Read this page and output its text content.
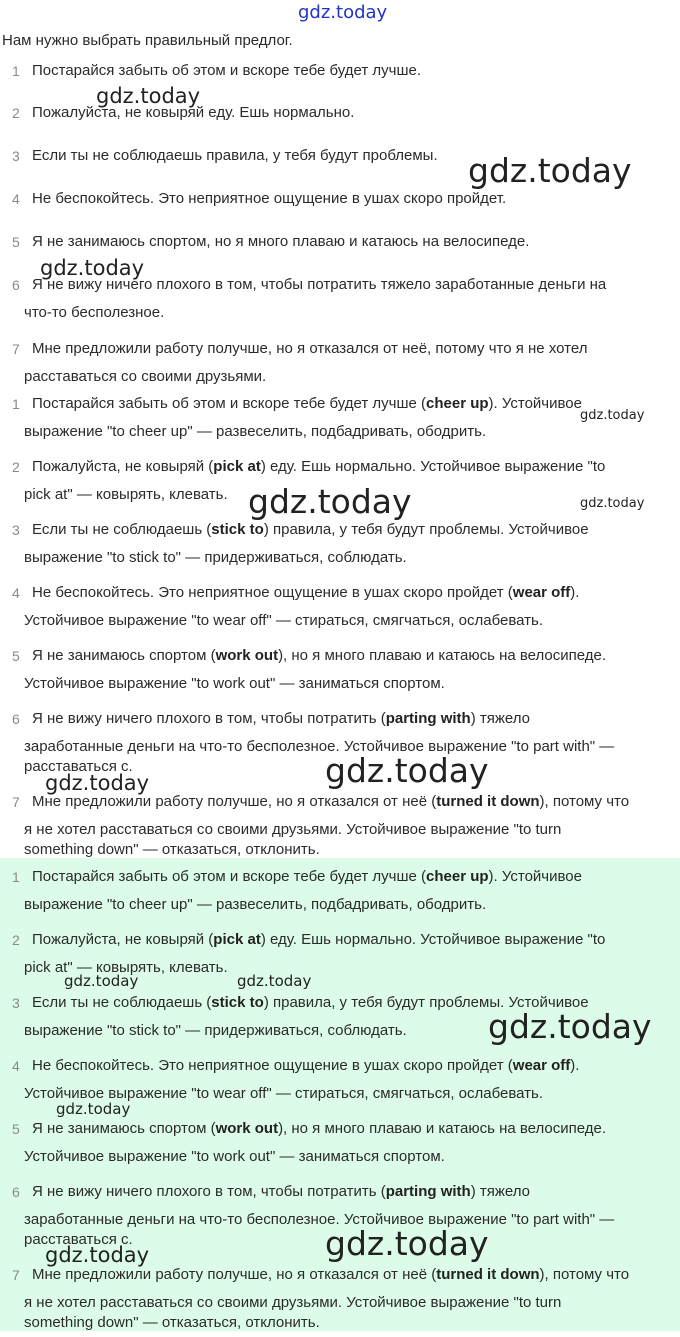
gdz.today
Нам нужно выбрать правильный предлог.
1 Постарайся забыть об этом и вскоре тебе будет лучше.
2 Пожалуйста, не ковыряй еду. Ешь нормально.
3 Если ты не соблюдаешь правила, у тебя будут проблемы.
4 Не беспокойтесь. Это неприятное ощущение в ушах скоро пройдет.
5 Я не занимаюсь спортом, но я много плаваю и катаюсь на велосипеде.
6 Я не вижу ничего плохого в том, чтобы потратить тяжело заработанные деньги на
что-то бесполезное.
7 Мне предложили работу получше, но я отказался от неё, потому что я не хотел
расставаться со своими друзьями.
1 Постарайся забыть об этом и вскоре тебе будет лучше (cheer up). Устойчивое
выражение "to cheer up" — развеселить, подбадривать, ободрить.
2 Пожалуйста, не ковыряй (pick at) еду. Ешь нормально. Устойчивое выражение "to
pick at" — ковырять, клевать.
3 Если ты не соблюдаешь (stick to) правила, у тебя будут проблемы. Устойчивое
выражение "to stick to" — придерживаться, соблюдать.
4 Не беспокойтесь. Это неприятное ощущение в ушах скоро пройдет (wear off).
Устойчивое выражение "to wear off" — стираться, смягчаться, ослабевать.
5 Я не занимаюсь спортом (work out), но я много плаваю и катаюсь на велосипеде.
Устойчивое выражение "to work out" — заниматься спортом.
6 Я не вижу ничего плохого в том, чтобы потратить (parting with) тяжело
заработанные деньги на что-то бесполезное. Устойчивое выражение "to part with" —
расставаться с.
7 Мне предложили работу получше, но я отказался от неё (turned it down), потому что
я не хотел расставаться со своими друзьями. Устойчивое выражение "to turn
something down" — отказаться, отклонить.
1 Постарайся забыть об этом и вскоре тебе будет лучше (cheer up). Устойчивое
выражение "to cheer up" — развеселить, подбадривать, ободрить.
2 Пожалуйста, не ковыряй (pick at) еду. Ешь нормально. Устойчивое выражение "to
pick at" — ковырять, клевать.
3 Если ты не соблюдаешь (stick to) правила, у тебя будут проблемы. Устойчивое
выражение "to stick to" — придерживаться, соблюдать.
4 Не беспокойтесь. Это неприятное ощущение в ушах скоро пройдет (wear off).
Устойчивое выражение "to wear off" — стираться, смягчаться, ослабевать.
5 Я не занимаюсь спортом (work out), но я много плаваю и катаюсь на велосипеде.
Устойчивое выражение "to work out" — заниматься спортом.
6 Я не вижу ничего плохого в том, чтобы потратить (parting with) тяжело
заработанные деньги на что-то бесполезное. Устойчивое выражение "to part with" —
расставаться с.
7 Мне предложили работу получше, но я отказался от неё (turned it down), потому что
я не хотел расставаться со своими друзьями. Устойчивое выражение "to turn
something down" — отказаться, отклонить.
gdz.today
gdz.today
gdz.today
gdz.today
gdz.today	gdz.today
gdz.today
gdz.today
gdz.today	gdz.today
gdz.today
gdz.today
gdz.today
gdz.today
